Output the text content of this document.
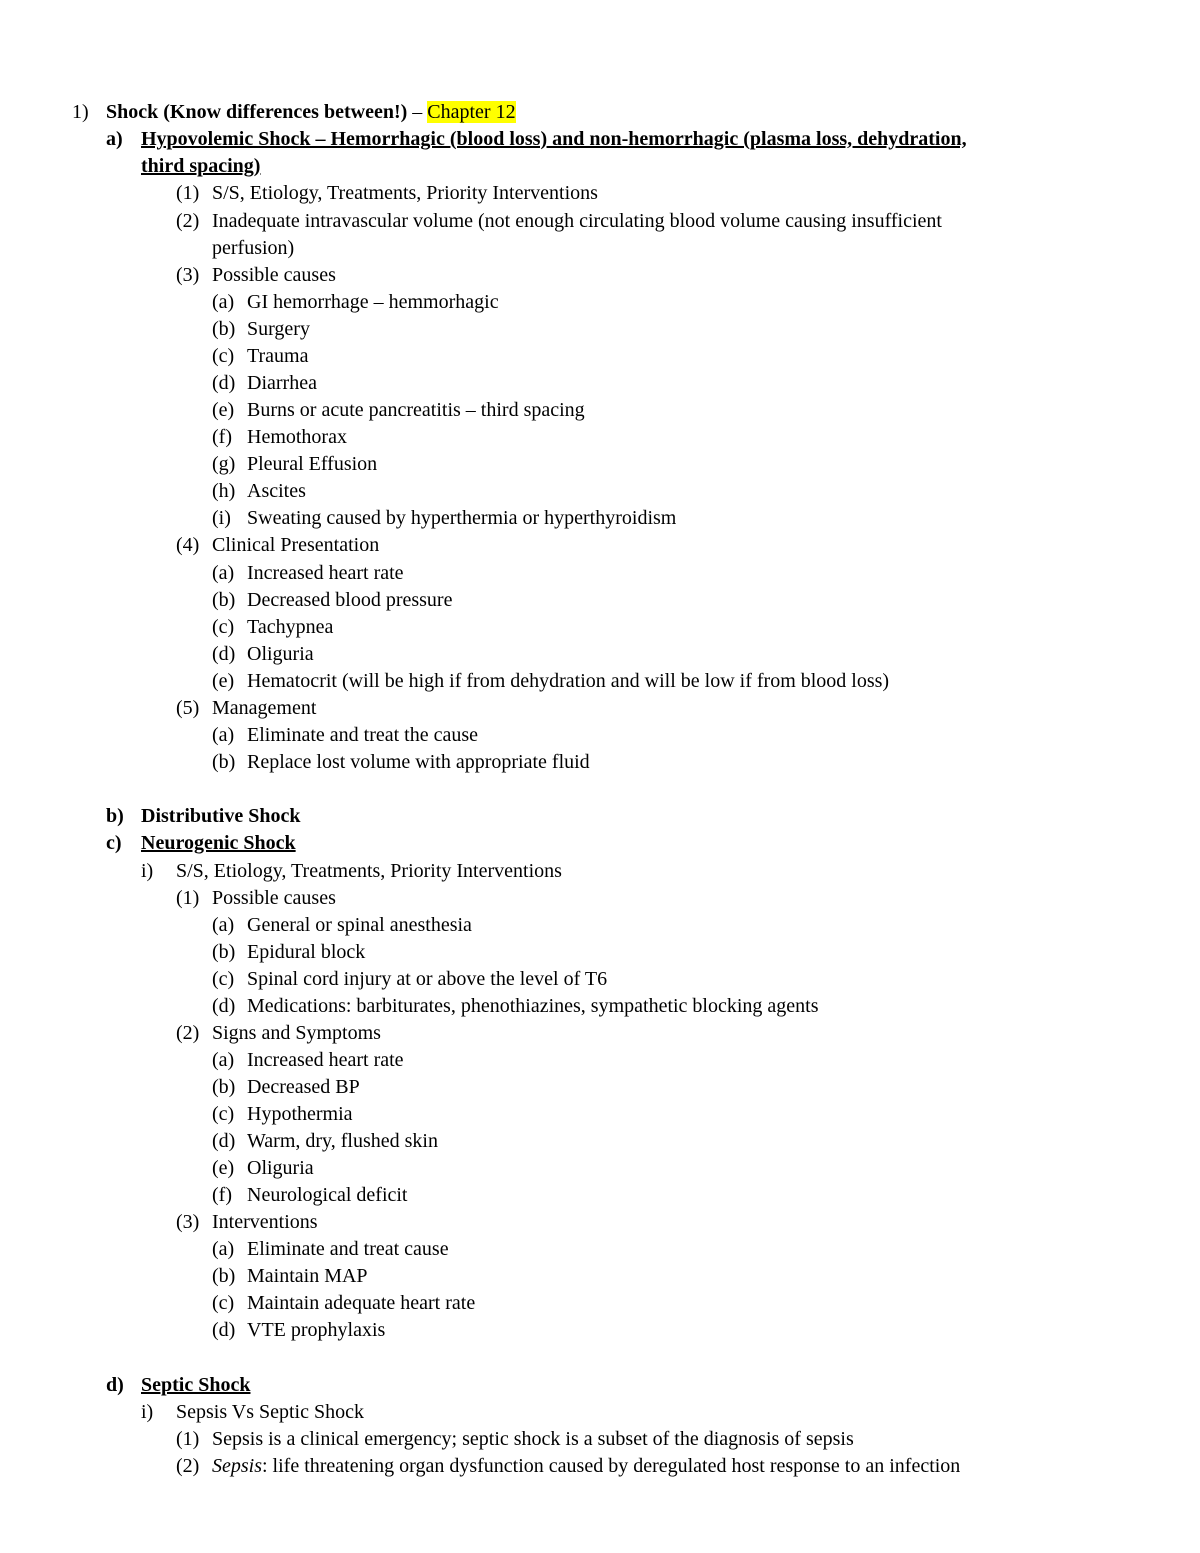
1) Shock (Know differences between!) – Chapter 12
a) Hypovolemic Shock – Hemorrhagic (blood loss) and non-hemorrhagic (plasma loss, dehydration,
third spacing)
(1) S/S, Etiology, Treatments, Priority Interventions
(2) Inadequate intravascular volume (not enough circulating blood volume causing insufficient
perfusion)
(3) Possible causes
(a) GI hemorrhage – hemmorhagic
(b) Surgery
(c) Trauma
(d) Diarrhea
(e) Burns or acute pancreatitis – third spacing
(f) Hemothorax
(g) Pleural Effusion
(h) Ascites
(i) Sweating caused by hyperthermia or hyperthyroidism
(4) Clinical Presentation
(a) Increased heart rate
(b) Decreased blood pressure
(c) Tachypnea
(d) Oliguria
(e) Hematocrit (will be high if from dehydration and will be low if from blood loss)
(5) Management
(a) Eliminate and treat the cause
(b) Replace lost volume with appropriate fluid
b) Distributive Shock
c) Neurogenic Shock
i) S/S, Etiology, Treatments, Priority Interventions
(1) Possible causes
(a) General or spinal anesthesia
(b) Epidural block
(c) Spinal cord injury at or above the level of T6
(d) Medications: barbiturates, phenothiazines, sympathetic blocking agents
(2) Signs and Symptoms
(a) Increased heart rate
(b) Decreased BP
(c) Hypothermia
(d) Warm, dry, flushed skin
(e) Oliguria
(f) Neurological deficit
(3) Interventions
(a) Eliminate and treat cause
(b) Maintain MAP
(c) Maintain adequate heart rate
(d) VTE prophylaxis
d) Septic Shock
i) Sepsis Vs Septic Shock
(1) Sepsis is a clinical emergency; septic shock is a subset of the diagnosis of sepsis
(2) Sepsis: life threatening organ dysfunction caused by deregulated host response to an infection
